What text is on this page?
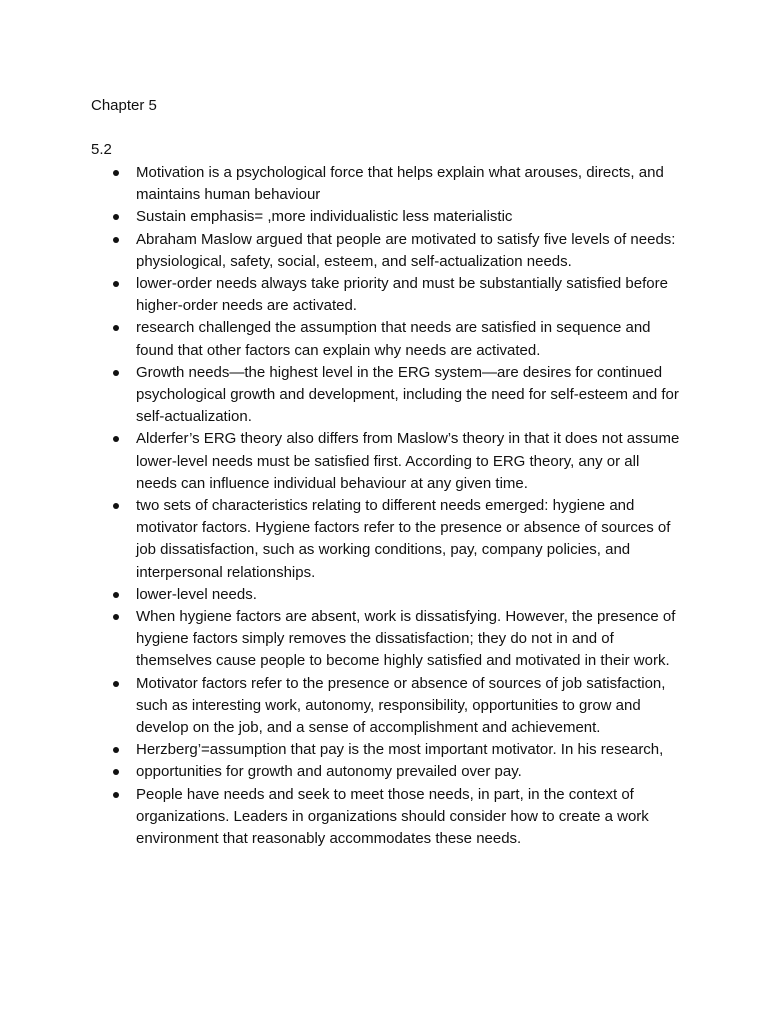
Chapter 5
5.2
Motivation is a psychological force that helps explain what arouses, directs, and maintains human behaviour
Sustain emphasis= ,more individualistic less materialistic
Abraham Maslow argued that people are motivated to satisfy five levels of needs: physiological, safety, social, esteem, and self-actualization needs.
lower-order needs always take priority and must be substantially satisfied before higher-order needs are activated.
research challenged the assumption that needs are satisfied in sequence and found that other factors can explain why needs are activated.
Growth needs—the highest level in the ERG system—are desires for continued psychological growth and development, including the need for self-esteem and for self-actualization.
Alderfer’s ERG theory also differs from Maslow’s theory in that it does not assume lower-level needs must be satisfied first. According to ERG theory, any or all needs can influence individual behaviour at any given time.
two sets of characteristics relating to different needs emerged: hygiene and motivator factors. Hygiene factors refer to the presence or absence of sources of job dissatisfaction, such as working conditions, pay, company policies, and interpersonal relationships.
lower-level needs.
When hygiene factors are absent, work is dissatisfying. However, the presence of hygiene factors simply removes the dissatisfaction; they do not in and of themselves cause people to become highly satisfied and motivated in their work.
Motivator factors refer to the presence or absence of sources of job satisfaction, such as interesting work, autonomy, responsibility, opportunities to grow and develop on the job, and a sense of accomplishment and achievement.
Herzberg’=assumption that pay is the most important motivator. In his research,
opportunities for growth and autonomy prevailed over pay.
People have needs and seek to meet those needs, in part, in the context of organizations. Leaders in organizations should consider how to create a work environment that reasonably accommodates these needs.
